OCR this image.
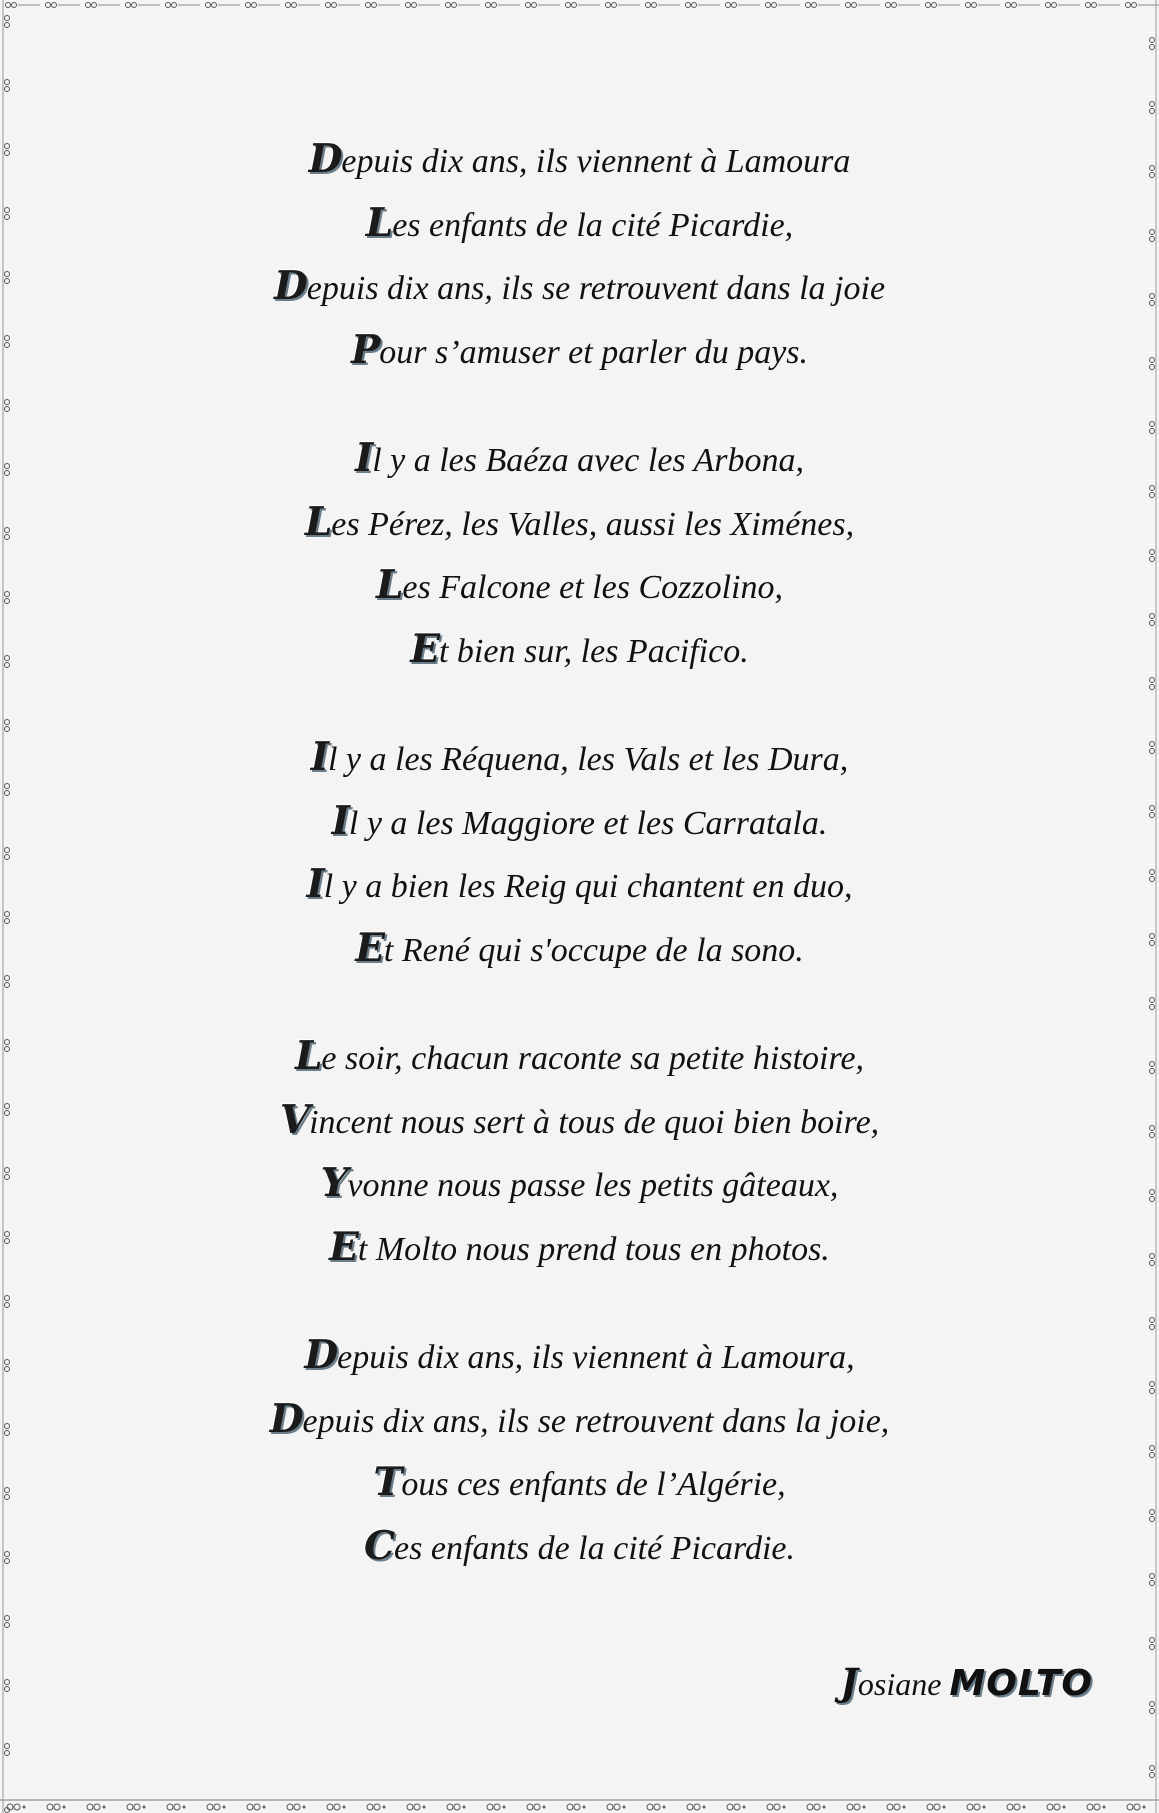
Depuis dix ans, ils viennent à Lamoura
Les enfants de la cité Picardie,
Depuis dix ans, ils se retrouvent dans la joie
Pour s’amuser et parler du pays.
Il y a les Baéza avec les Arbona,
Les Pérez, les Valles, aussi les Ximénes,
Les Falcone et les Cozzolino,
Et bien sur, les Pacifico.
Il y a les Réquena, les Vals et les Dura,
Il y a les Maggiore et les Carratala.
Il y a bien les Reig qui chantent en duo,
Et René qui s'occupe de la sono.
Le soir, chacun raconte sa petite histoire,
Vincent nous sert à tous de quoi bien boire,
Yvonne nous passe les petits gâteaux,
Et Molto nous prend tous en photos.
Depuis dix ans, ils viennent à Lamoura,
Depuis dix ans, ils se retrouvent dans la joie,
Tous ces enfants de l’Algérie,
Ces enfants de la cité Picardie.
Josiane MOLTO
